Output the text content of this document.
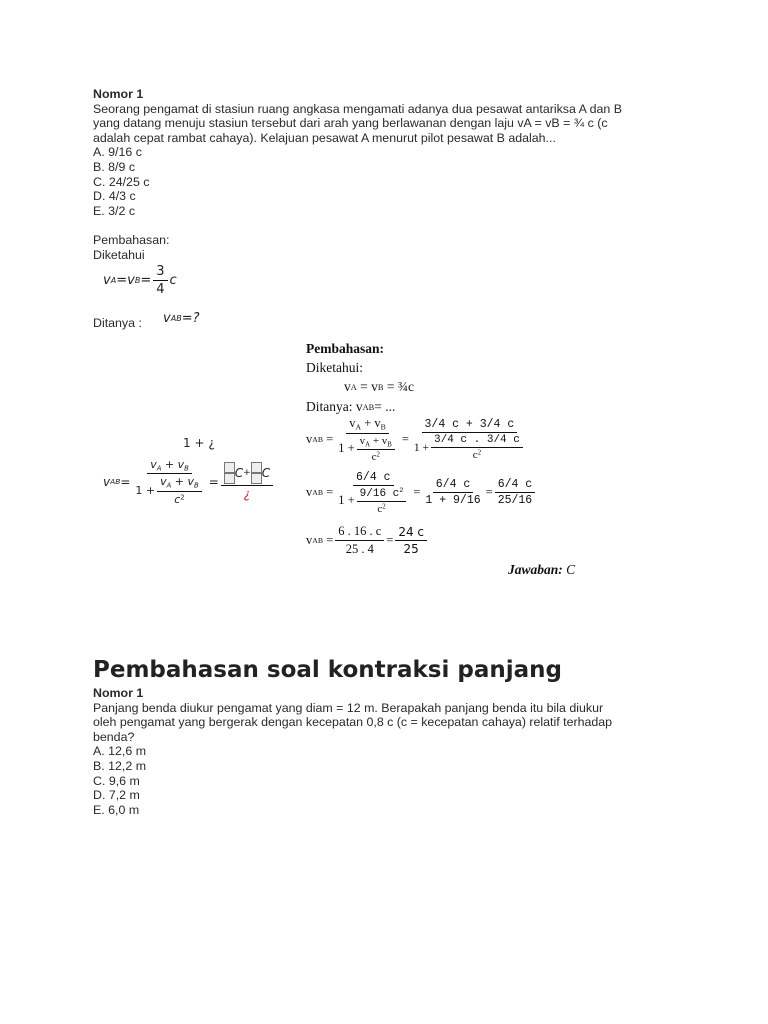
Nomor 1
Seorang pengamat di stasiun ruang angkasa mengamati adanya dua pesawat antariksa A dan B
yang datang menuju stasiun tersebut dari arah yang berlawanan dengan laju vA = vB = ¾ c (c
adalah cepat rambat cahaya). Kelajuan pesawat A menurut pilot pesawat B adalah...
A. 9/16 c
B. 8/9 c
C. 24/25 c
D. 4/3 c
E. 3/2 c
Pembahasan:
Diketahui
v A = v $B = \frac{3}{4}$ c
Ditanya : v AB =?
1 + ¿
v AB = $v_A + v_B$
1
+ $\frac{v_A + v_B}{c^2} = \frac{C + C}{¿}$
Pembahasan:
Diketahui:
v A = v B
= ¾c
Ditanya: v AB = ...
v AB
= $\frac{v_A + v_B}{1 + \frac{v_A + v_B}{c^2}} = \frac{3/4 c + 3/4 c}{1 + \frac{3/4 c . 3/4 c}{c^2}}$
v AB
= $\frac{6/4 c}{1 + \frac{9/16 c^2}{c^2}} = \frac{6/4 c}{1 + 9/16} = \frac{6/4 c}{25/16}$
v AB
= $\frac{6 . 16 . c}{25 . 4} = \frac{24 c}{25}$
Jawaban:
C
Pembahasan soal kontraksi panjang
Nomor 1
Panjang benda diukur pengamat yang diam = 12 m. Berapakah panjang benda itu bila diukur
oleh pengamat yang bergerak dengan kecepatan 0,8 c (c = kecepatan cahaya) relatif terhadap
benda?
A. 12,6 m
B. 12,2 m
C. 9,6 m
D. 7,2 m
E. 6,0 m
